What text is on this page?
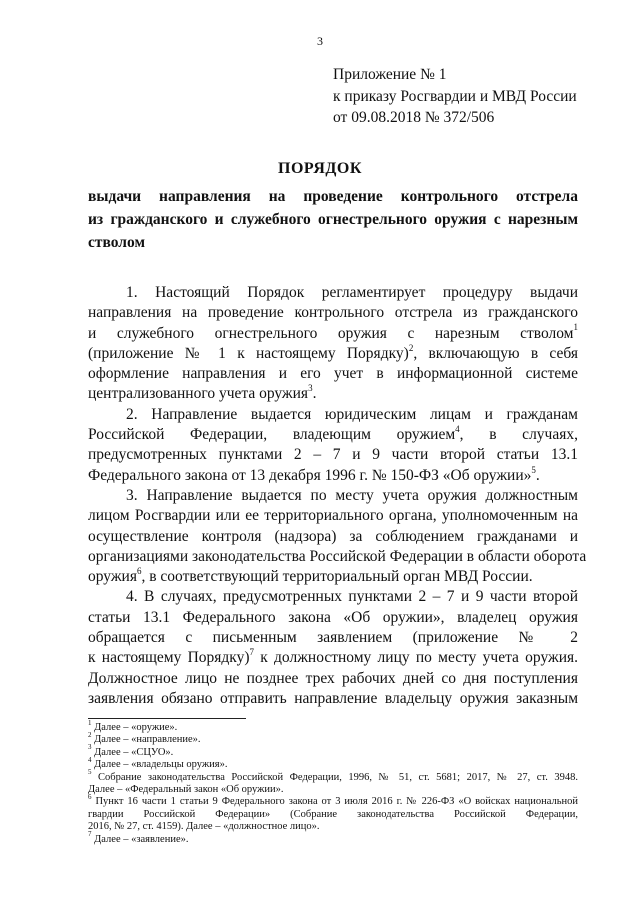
3
Приложение № 1
к приказу Росгвардии и МВД России
от 09.08.2018 № 372/506
ПОРЯДОК
выдачи направления на проведение контрольного отстрела
из гражданского и служебного огнестрельного оружия с нарезным
стволом
1. Настоящий Порядок регламентирует процедуру выдачи
направления на проведение контрольного отстрела из гражданского
и служебного огнестрельного оружия с нарезным стволом$^1$
(приложение № 1 к настоящему Порядку)$^2$, включающую в себя
оформление направления и его учет в информационной системе
централизованного учета оружия$^3$.
2. Направление выдается юридическим лицам и гражданам
Российской Федерации, владеющим оружием$^4$, в случаях,
предусмотренных пунктами 2 – 7 и 9 части второй статьи 13.1
Федерального закона от 13 декабря 1996 г. № 150-ФЗ «Об оружии»$^5$.
3. Направление выдается по месту учета оружия должностным
лицом Росгвардии или ее территориального органа, уполномоченным на
осуществление контроля (надзора) за соблюдением гражданами и
организациями законодательства Российской Федерации в области оборота
оружия$^6$, в соответствующий территориальный орган МВД России.
4. В случаях, предусмотренных пунктами 2 – 7 и 9 части второй
статьи 13.1 Федерального закона «Об оружии», владелец оружия
обращается с письменным заявлением (приложение № 2
к настоящему Порядку)$^7$ к должностному лицу по месту учета оружия.
Должностное лицо не позднее трех рабочих дней со дня поступления
заявления обязано отправить направление владельцу оружия заказным
$^1$ Далее – «оружие».
$^2$ Далее – «направление».
$^3$ Далее – «СЦУО».
$^4$ Далее – «владельцы оружия».
$^5$ Собрание законодательства Российской Федерации, 1996, № 51, ст. 5681; 2017, № 27, ст. 3948.
Далее – «Федеральный закон «Об оружии».
$^6$ Пункт 16 части 1 статьи 9 Федерального закона от 3 июля 2016 г. № 226-ФЗ «О войсках национальной
гвардии Российской Федерации» (Собрание законодательства Российской Федерации,
2016, № 27, ст. 4159). Далее – «должностное лицо».
$^7$ Далее – «заявление».
